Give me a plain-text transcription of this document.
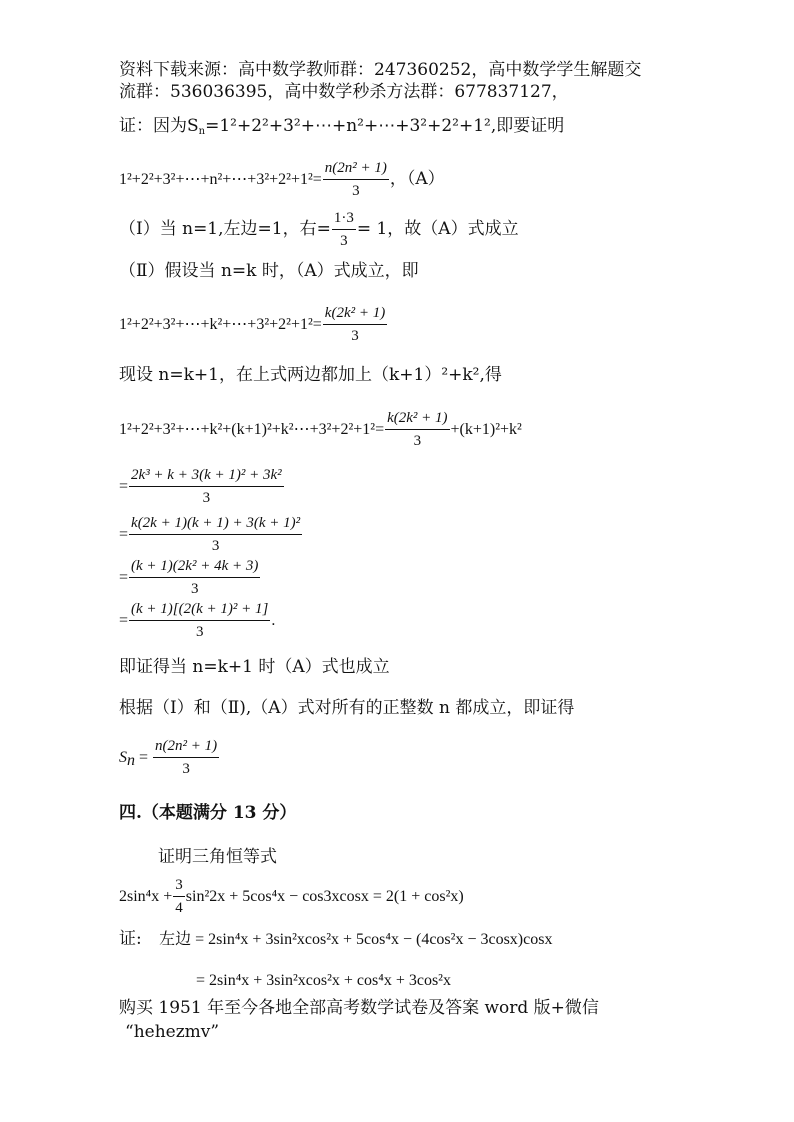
资料下载来源：高中数学教师群：247360252，高中数学学生解题交
流群：536036395，高中数学秒杀方法群：677837127，
证：因为$S_n=1^2+2^2+3^2+\cdots+n^2+\cdots+3^2+2^2+1^2$,即要证明
1²+2²+3²+⋯+n²+⋯+3²+2²+1²= $\frac{\text{n(2n² + 1)}}{3}$ ，（A）
（Ⅰ）当 n=1,左边=1，右= $\frac{1\cdot 3}{3} = 1$，故（A）式成立
（Ⅱ）假设当 n=k 时，（A）式成立，即
1²+2²+3²+⋯+k²+⋯+3²+2²+1²= $\frac{\text{k(2k² + 1)}}{3}$
现设 n=k+1，在上式两边都加上（k+1）²+k²,得
1²+2²+3²+⋯+k²+(k+1)²+k²⋯+3²+2²+1²= $\frac{\text{k(2k² + 1)}}{3} +(k+1)^2+k^2$
= $\frac{\text{2k³ + k + 3(k + 1)² + 3k²}}{3}$
= $\frac{\text{k(2k + 1)(k + 1) + 3(k + 1)²}}{3}$
= $\frac{\text{(k + 1)(2k² + 4k + 3)}}{3}$
= $\frac{\text{(k + 1)[(2(k + 1)² + 1]}}{3}$ .
即证得当 n=k+1 时（A）式也成立
根据（Ⅰ）和（Ⅱ),（A）式对所有的正整数 n 都成立，即证得
$S_n = \frac{\text{n(2n² + 1)}}{3}$
四.（本题满分 13 分）
证明三角恒等式
$2\sin^4x + \frac{3}{4} \sin^22x + 5\cos^4x - \cos 3xcosx = 2(1 + \cos^2x)$
证: 左边 = 2sin⁴x + 3sin²xcos²x + 5cos⁴x − (4cos²x − 3cosx)cosx
= 2sin⁴x + 3sin²xcos²x + cos⁴x + 3cos²x
购买 1951 年至今各地全部高考数学试卷及答案 word 版+微信
“hehezmv”
